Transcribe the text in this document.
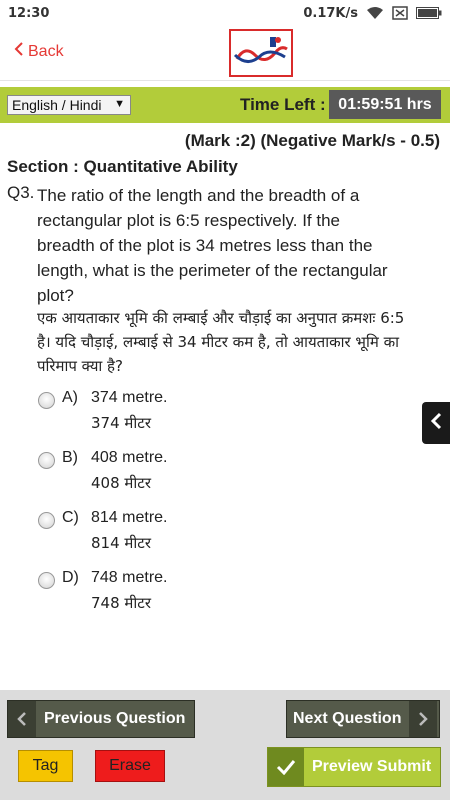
12:30	0.17K/s
Back
English / Hindi ▼	Time Left : 01:59:51 hrs
(Mark :2) (Negative Mark/s - 0.5)
Section : Quantitative Ability
Q3. The ratio of the length and the breadth of a rectangular plot is 6:5 respectively. If the breadth of the plot is 34 metres less than the length, what is the perimeter of the rectangular plot?
एक आयताकार भूमि की लम्बाई और चौड़ाई का अनुपात क्रमशः 6:5 है। यदि चौड़ाई, लम्बाई से 34 मीटर कम है, तो आयताकार भूमि का परिमाप क्या है?
A) 374 metre.
374 मीटर
B) 408 metre.
408 मीटर
C) 814 metre.
814 मीटर
D) 748 metre.
748 मीटर
Previous Question	Next Question
Tag	Erase	Preview Submit
